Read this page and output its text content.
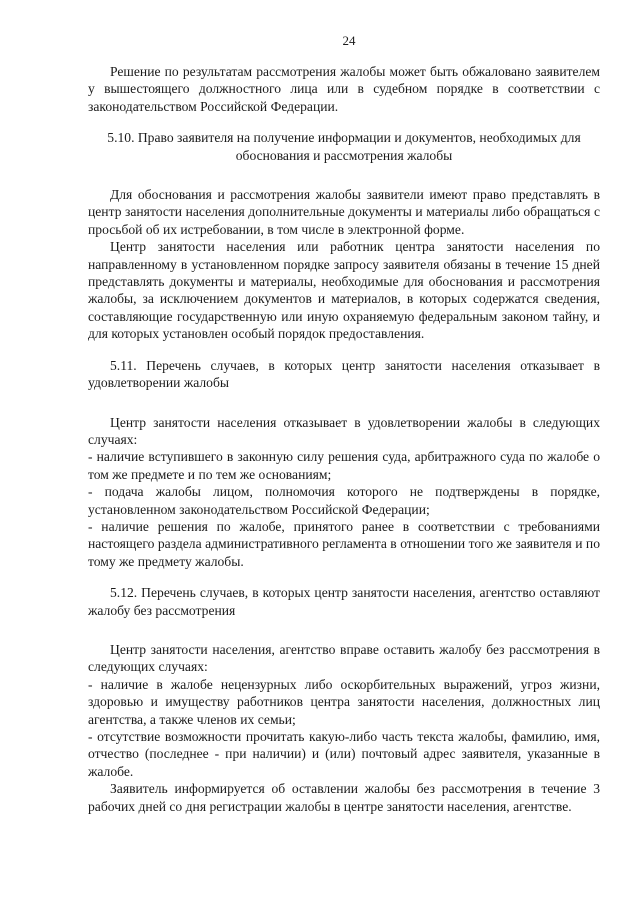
24

Решение по результатам рассмотрения жалобы может быть обжаловано заявителем у вышестоящего должностного лица или в судебном порядке в соответствии с законодательством Российской Федерации.

5.10. Право заявителя на получение информации и документов, необходимых для обоснования и рассмотрения жалобы

Для обоснования и рассмотрения жалобы заявители имеют право представлять в центр занятости населения дополнительные документы и материалы либо обращаться с просьбой об их истребовании, в том числе в электронной форме.

Центр занятости населения или работник центра занятости населения по направленному в установленном порядке запросу заявителя обязаны в течение 15 дней представлять документы и материалы, необходимые для обоснования и рассмотрения жалобы, за исключением документов и материалов, в которых содержатся сведения, составляющие государственную или иную охраняемую федеральным законом тайну, и для которых установлен особый порядок предоставления.

5.11. Перечень случаев, в которых центр занятости населения отказывает в удовлетворении жалобы

Центр занятости населения отказывает в удовлетворении жалобы в следующих случаях:

- наличие вступившего в законную силу решения суда, арбитражного суда по жалобе о том же предмете и по тем же основаниям;
- подача жалобы лицом, полномочия которого не подтверждены в порядке, установленном законодательством Российской Федерации;
- наличие решения по жалобе, принятого ранее в соответствии с требованиями настоящего раздела административного регламента в отношении того же заявителя и по тому же предмету жалобы.

5.12. Перечень случаев, в которых центр занятости населения, агентство оставляют жалобу без рассмотрения

Центр занятости населения, агентство вправе оставить жалобу без рассмотрения в следующих случаях:

- наличие в жалобе нецензурных либо оскорбительных выражений, угроз жизни, здоровью и имуществу работников центра занятости населения, должностных лиц агентства, а также членов их семьи;
- отсутствие возможности прочитать какую-либо часть текста жалобы, фамилию, имя, отчество (последнее - при наличии) и (или) почтовый адрес заявителя, указанные в жалобе.

Заявитель информируется об оставлении жалобы без рассмотрения в течение 3 рабочих дней со дня регистрации жалобы в центре занятости населения, агентстве.
